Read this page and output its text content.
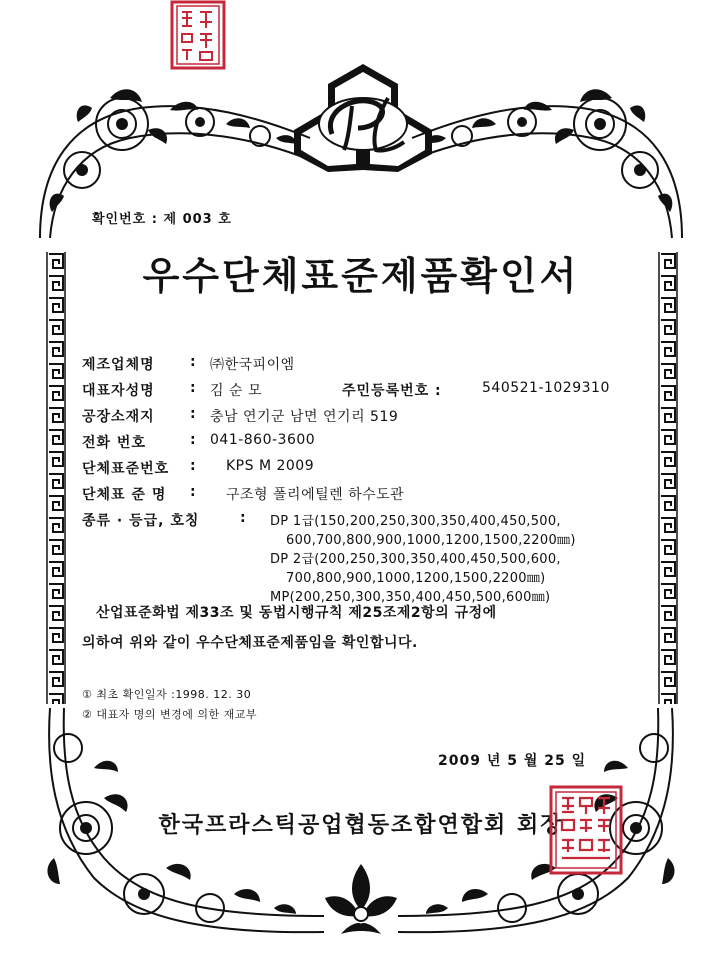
확인번호 : 제 003 호
우수단체표준제품확인서
제조업체명	: ㈜한국피이엠
대표자성명	: 김 순 모	주민등록번호 :	540521-1029310
공장소재지	: 충남 연기군 남면 연기리 519
전화 번호	: 041-860-3600
단체표준번호 : KPS M 2009
단체표 준 명 : 구조형 폴리에틸렌 하수도관
종류 · 등급, 호칭	: DP 1급(150,200,250,300,350,400,450,500,
600,700,800,900,1000,1200,1500,2200㎜)
DP 2급(200,250,300,350,400,450,500,600,
700,800,900,1000,1200,1500,2200㎜)
MP(200,250,300,350,400,450,500,600㎜)
산업표준화법 제33조 및 동법시행규칙 제25조제2항의 규정에
의하여 위와 같이 우수단체표준제품임을 확인합니다.
① 최초 확인일자 :1998. 12. 30
② 대표자 명의 변경에 의한 재교부
2009 년 5 월 25 일
한국프라스틱공업협동조합연합회 회장
